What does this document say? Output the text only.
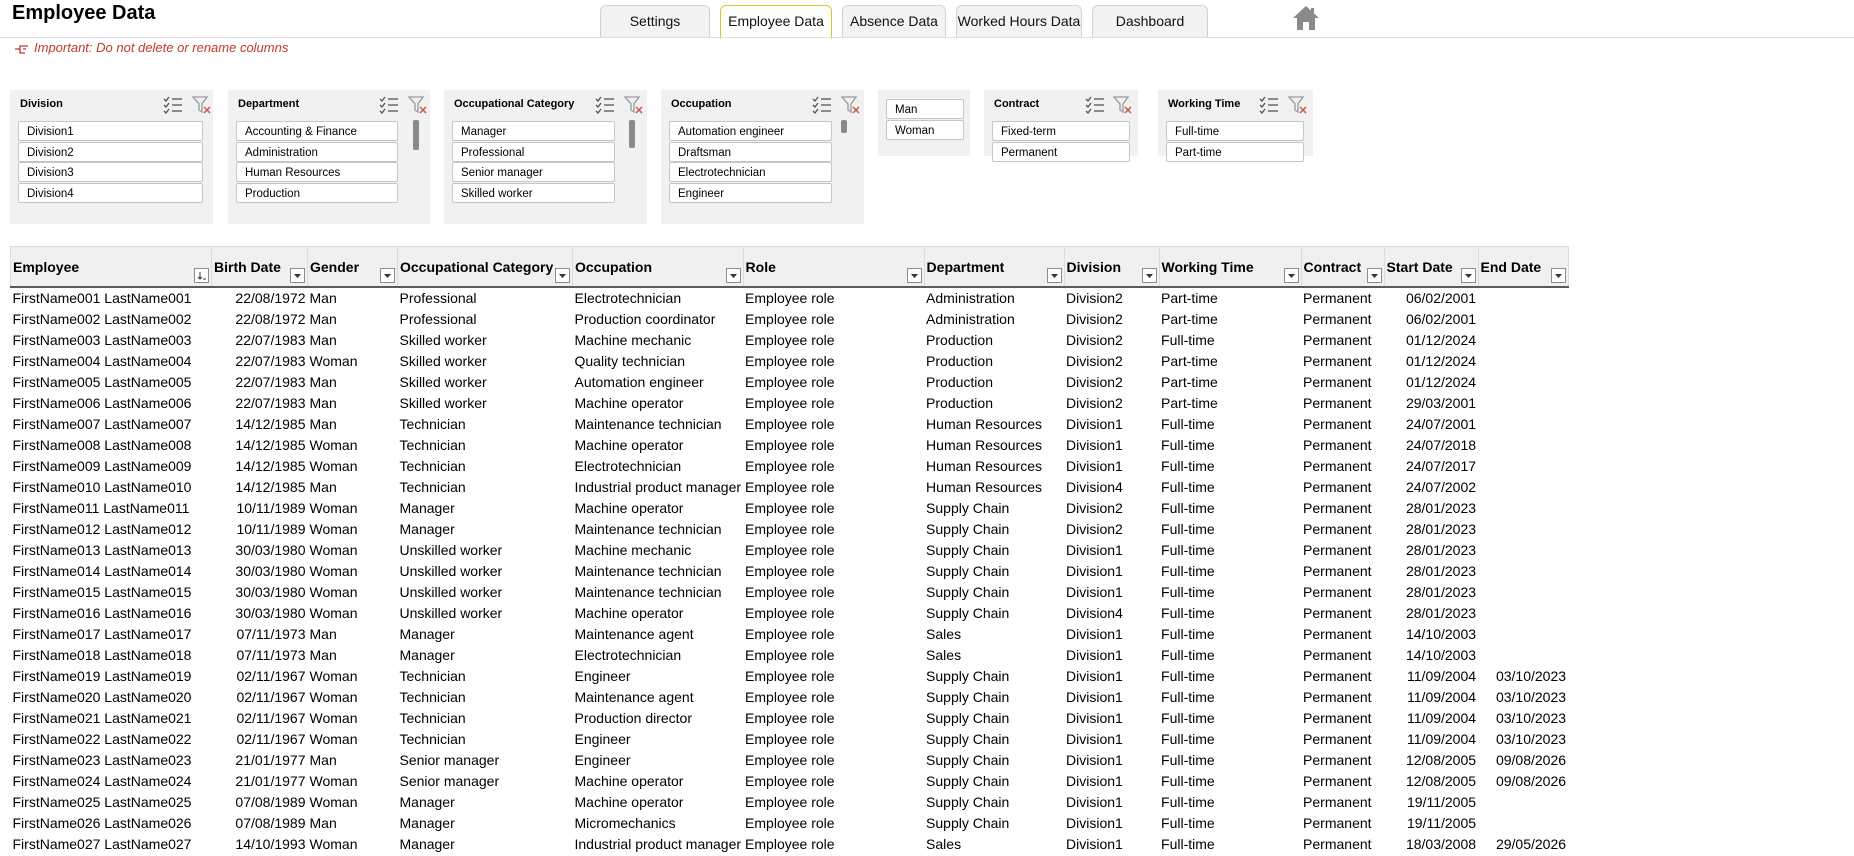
Employee Data	Settings	Employee Data	Absence Data	Worked Hours Data	Dashboard
Important: Do not delete or rename columns
Division
Division1
Division2
Division3
Division4
Department
Accounting & Finance
Administration
Human Resources
Production
Occupational Category
Manager
Professional
Senior manager
Skilled worker
Occupation
Automation engineer
Draftsman
Electrotechnician
Engineer
Man
Woman
Contract
Fixed-term
Permanent
Working Time
Full-time
Part-time
Employee	Birth Date	Gender	Occupational Category	Occupation	Role	Department	Division	Working Time	Contract	Start Date	End Date

FirstName001 LastName001	22/08/1972	Man	Professional	Electrotechnician	Employee role	Administration	Division2	Part-time	Permanent	06/02/2001	
FirstName002 LastName002	22/08/1972	Man	Professional	Production coordinator	Employee role	Administration	Division2	Part-time	Permanent	06/02/2001	
FirstName003 LastName003	22/07/1983	Man	Skilled worker	Machine mechanic	Employee role	Production	Division2	Full-time	Permanent	01/12/2024	
FirstName004 LastName004	22/07/1983	Woman	Skilled worker	Quality technician	Employee role	Production	Division2	Part-time	Permanent	01/12/2024	
FirstName005 LastName005	22/07/1983	Man	Skilled worker	Automation engineer	Employee role	Production	Division2	Part-time	Permanent	01/12/2024	
FirstName006 LastName006	22/07/1983	Man	Skilled worker	Machine operator	Employee role	Production	Division2	Part-time	Permanent	29/03/2001	
FirstName007 LastName007	14/12/1985	Man	Technician	Maintenance technician	Employee role	Human Resources	Division1	Full-time	Permanent	24/07/2001	
FirstName008 LastName008	14/12/1985	Woman	Technician	Machine operator	Employee role	Human Resources	Division1	Full-time	Permanent	24/07/2018	
FirstName009 LastName009	14/12/1985	Woman	Technician	Electrotechnician	Employee role	Human Resources	Division1	Full-time	Permanent	24/07/2017	
FirstName010 LastName010	14/12/1985	Man	Technician	Industrial product manager	Employee role	Human Resources	Division4	Full-time	Permanent	24/07/2002	
FirstName011 LastName011	10/11/1989	Woman	Manager	Machine operator	Employee role	Supply Chain	Division2	Full-time	Permanent	28/01/2023	
FirstName012 LastName012	10/11/1989	Woman	Manager	Maintenance technician	Employee role	Supply Chain	Division2	Full-time	Permanent	28/01/2023	
FirstName013 LastName013	30/03/1980	Woman	Unskilled worker	Machine mechanic	Employee role	Supply Chain	Division1	Full-time	Permanent	28/01/2023	
FirstName014 LastName014	30/03/1980	Woman	Unskilled worker	Maintenance technician	Employee role	Supply Chain	Division1	Full-time	Permanent	28/01/2023	
FirstName015 LastName015	30/03/1980	Woman	Unskilled worker	Maintenance technician	Employee role	Supply Chain	Division1	Full-time	Permanent	28/01/2023	
FirstName016 LastName016	30/03/1980	Woman	Unskilled worker	Machine operator	Employee role	Supply Chain	Division4	Full-time	Permanent	28/01/2023	
FirstName017 LastName017	07/11/1973	Man	Manager	Maintenance agent	Employee role	Sales	Division1	Full-time	Permanent	14/10/2003	
FirstName018 LastName018	07/11/1973	Man	Manager	Electrotechnician	Employee role	Sales	Division1	Full-time	Permanent	14/10/2003	
FirstName019 LastName019	02/11/1967	Woman	Technician	Engineer	Employee role	Supply Chain	Division1	Full-time	Permanent	11/09/2004	03/10/2023
FirstName020 LastName020	02/11/1967	Woman	Technician	Maintenance agent	Employee role	Supply Chain	Division1	Full-time	Permanent	11/09/2004	03/10/2023
FirstName021 LastName021	02/11/1967	Woman	Technician	Production director	Employee role	Supply Chain	Division1	Full-time	Permanent	11/09/2004	03/10/2023
FirstName022 LastName022	02/11/1967	Woman	Technician	Engineer	Employee role	Supply Chain	Division1	Full-time	Permanent	11/09/2004	03/10/2023
FirstName023 LastName023	21/01/1977	Man	Senior manager	Engineer	Employee role	Supply Chain	Division1	Full-time	Permanent	12/08/2005	09/08/2026
FirstName024 LastName024	21/01/1977	Woman	Senior manager	Machine operator	Employee role	Supply Chain	Division1	Full-time	Permanent	12/08/2005	09/08/2026
FirstName025 LastName025	07/08/1989	Woman	Manager	Machine operator	Employee role	Supply Chain	Division1	Full-time	Permanent	19/11/2005	
FirstName026 LastName026	07/08/1989	Man	Manager	Micromechanics	Employee role	Supply Chain	Division1	Full-time	Permanent	19/11/2005	
FirstName027 LastName027	14/10/1993	Woman	Manager	Industrial product manager	Employee role	Sales	Division1	Full-time	Permanent	18/03/2008	29/05/2026
